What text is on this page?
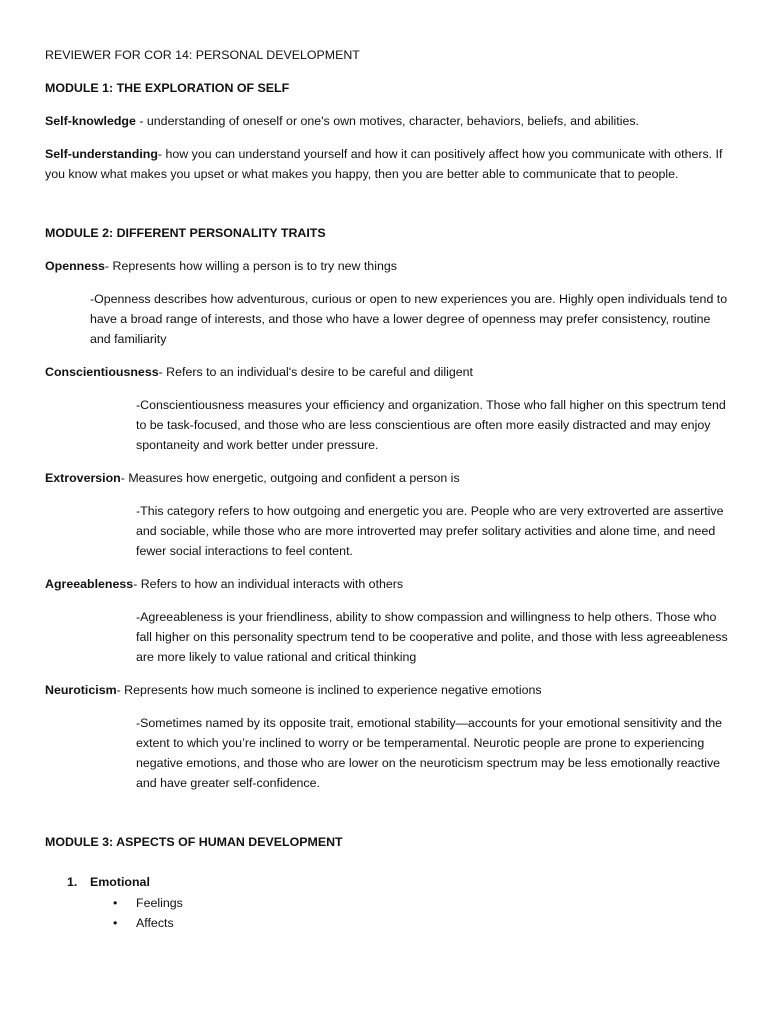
REVIEWER FOR COR 14: PERSONAL DEVELOPMENT

MODULE 1: THE EXPLORATION OF SELF

Self-knowledge - understanding of oneself or one's own motives, character, behaviors, beliefs, and abilities.

Self-understanding- how you can understand yourself and how it can positively affect how you communicate with others. If you know what makes you upset or what makes you happy, then you are better able to communicate that to people.

MODULE 2: DIFFERENT PERSONALITY TRAITS

Openness- Represents how willing a person is to try new things

-Openness describes how adventurous, curious or open to new experiences you are. Highly open individuals tend to have a broad range of interests, and those who have a lower degree of openness may prefer consistency, routine and familiarity

Conscientiousness- Refers to an individual's desire to be careful and diligent

-Conscientiousness measures your efficiency and organization. Those who fall higher on this spectrum tend to be task-focused, and those who are less conscientious are often more easily distracted and may enjoy spontaneity and work better under pressure.

Extroversion- Measures how energetic, outgoing and confident a person is

-This category refers to how outgoing and energetic you are. People who are very extroverted are assertive and sociable, while those who are more introverted may prefer solitary activities and alone time, and need fewer social interactions to feel content.

Agreeableness- Refers to how an individual interacts with others

-Agreeableness is your friendliness, ability to show compassion and willingness to help others. Those who fall higher on this personality spectrum tend to be cooperative and polite, and those with less agreeableness are more likely to value rational and critical thinking

Neuroticism- Represents how much someone is inclined to experience negative emotions

-Sometimes named by its opposite trait, emotional stability—accounts for your emotional sensitivity and the extent to which you’re inclined to worry or be temperamental. Neurotic people are prone to experiencing negative emotions, and those who are lower on the neuroticism spectrum may be less emotionally reactive and have greater self-confidence.

MODULE 3: ASPECTS OF HUMAN DEVELOPMENT

1.	Emotional
•	Feelings
•	Affects
